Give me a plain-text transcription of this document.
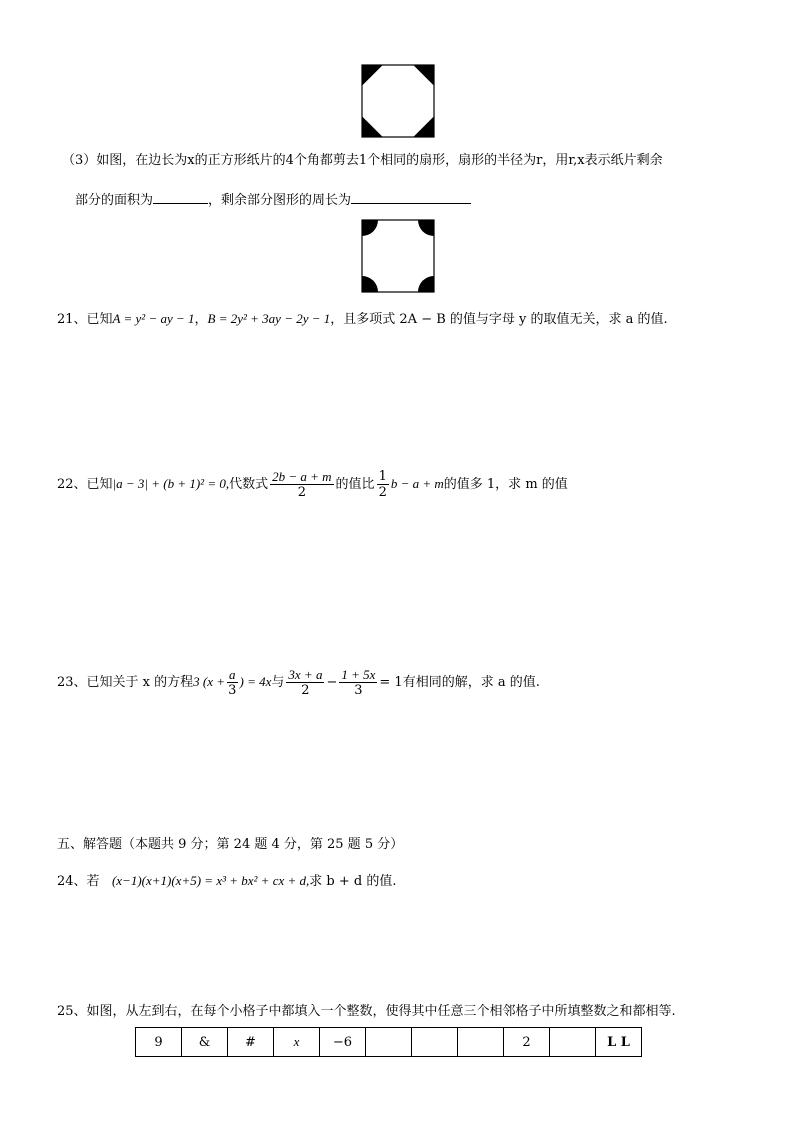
（3）如图，在边长为x的正方形纸片的4个角都剪去1个相同的扇形，扇形的半径为r，用r,x表示纸片剩余
部分的面积为	，剩余部分图形的周长为
21、已知A = y² − ay − 1，B = 2y² + 3ay − 2y − 1，且多项式 2A − B 的值与字母 y 的取值无关，求 a 的值.
22、已知|a − 3| + (b + 1)² = 0,代数式 $\frac{2b - a + m}{2}$ 的值比 $\frac{1}{2}$ b − a + m的值多 1，求 m 的值
23、已知关于 x 的方程3 ($x + \frac{a}{3}$ ) = 4x与 $\frac{3x + a}{2} - \frac{1 + 5x}{3} = 1$有相同的解，求 a 的值.
五、解答题（本题共 9 分；第 24 题 4 分，第 25 题 5 分）
24、若 (x−1)(x+1)(x+5) = x³ + bx² + cx + d,求 b + d 的值.
25、如图，从左到右，在每个小格子中都填入一个整数，使得其中任意三个相邻格子中所填整数之和都相等.
9	&	#	x	−6				2		L L
